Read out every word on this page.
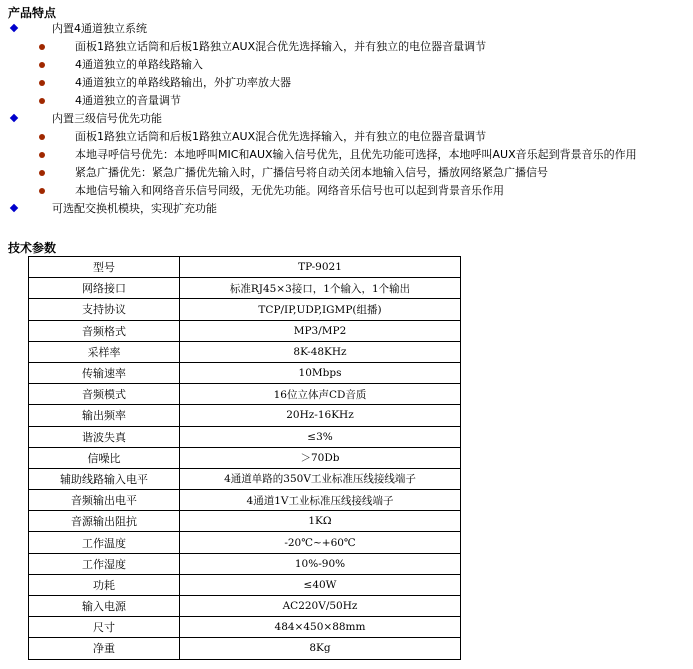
产品特点
内置4通道独立系统
面板1路独立话筒和后板1路独立AUX混合优先选择输入，并有独立的电位器音量调节
4通道独立的单路线路输入
4通道独立的单路线路输出，外扩功率放大器
4通道独立的音量调节
内置三级信号优先功能
面板1路独立话筒和后板1路独立AUX混合优先选择输入，并有独立的电位器音量调节
本地寻呼信号优先：本地呼叫MIC和AUX输入信号优先，且优先功能可选择，本地呼叫AUX音乐起到背景音乐的作用
紧急广播优先：紧急广播优先输入时，广播信号将自动关闭本地输入信号，播放网络紧急广播信号
本地信号输入和网络音乐信号同级，无优先功能。网络音乐信号也可以起到背景音乐作用
可选配交换机模块，实现扩充功能
技术参数
型号	TP-9021
网络接口	标准RJ45×3接口，1个输入，1个输出
支持协议	TCP/IP,UDP,IGMP(组播)
音频格式	MP3/MP2
采样率	8K-48KHz
传输速率	10Mbps
音频模式	16位立体声CD音质
输出频率	20Hz-16KHz
谐波失真	≤3%
信噪比	＞70Db
辅助线路输入电平	4通道单路的350V工业标准压线接线端子
音频输出电平	4通道1V工业标准压线接线端子
音源输出阻抗	1KΩ
工作温度	-20℃~+60℃
工作湿度	10%-90%
功耗	≤40W
输入电源	AC220V/50Hz
尺寸	484×450×88mm
净重	8Kg
